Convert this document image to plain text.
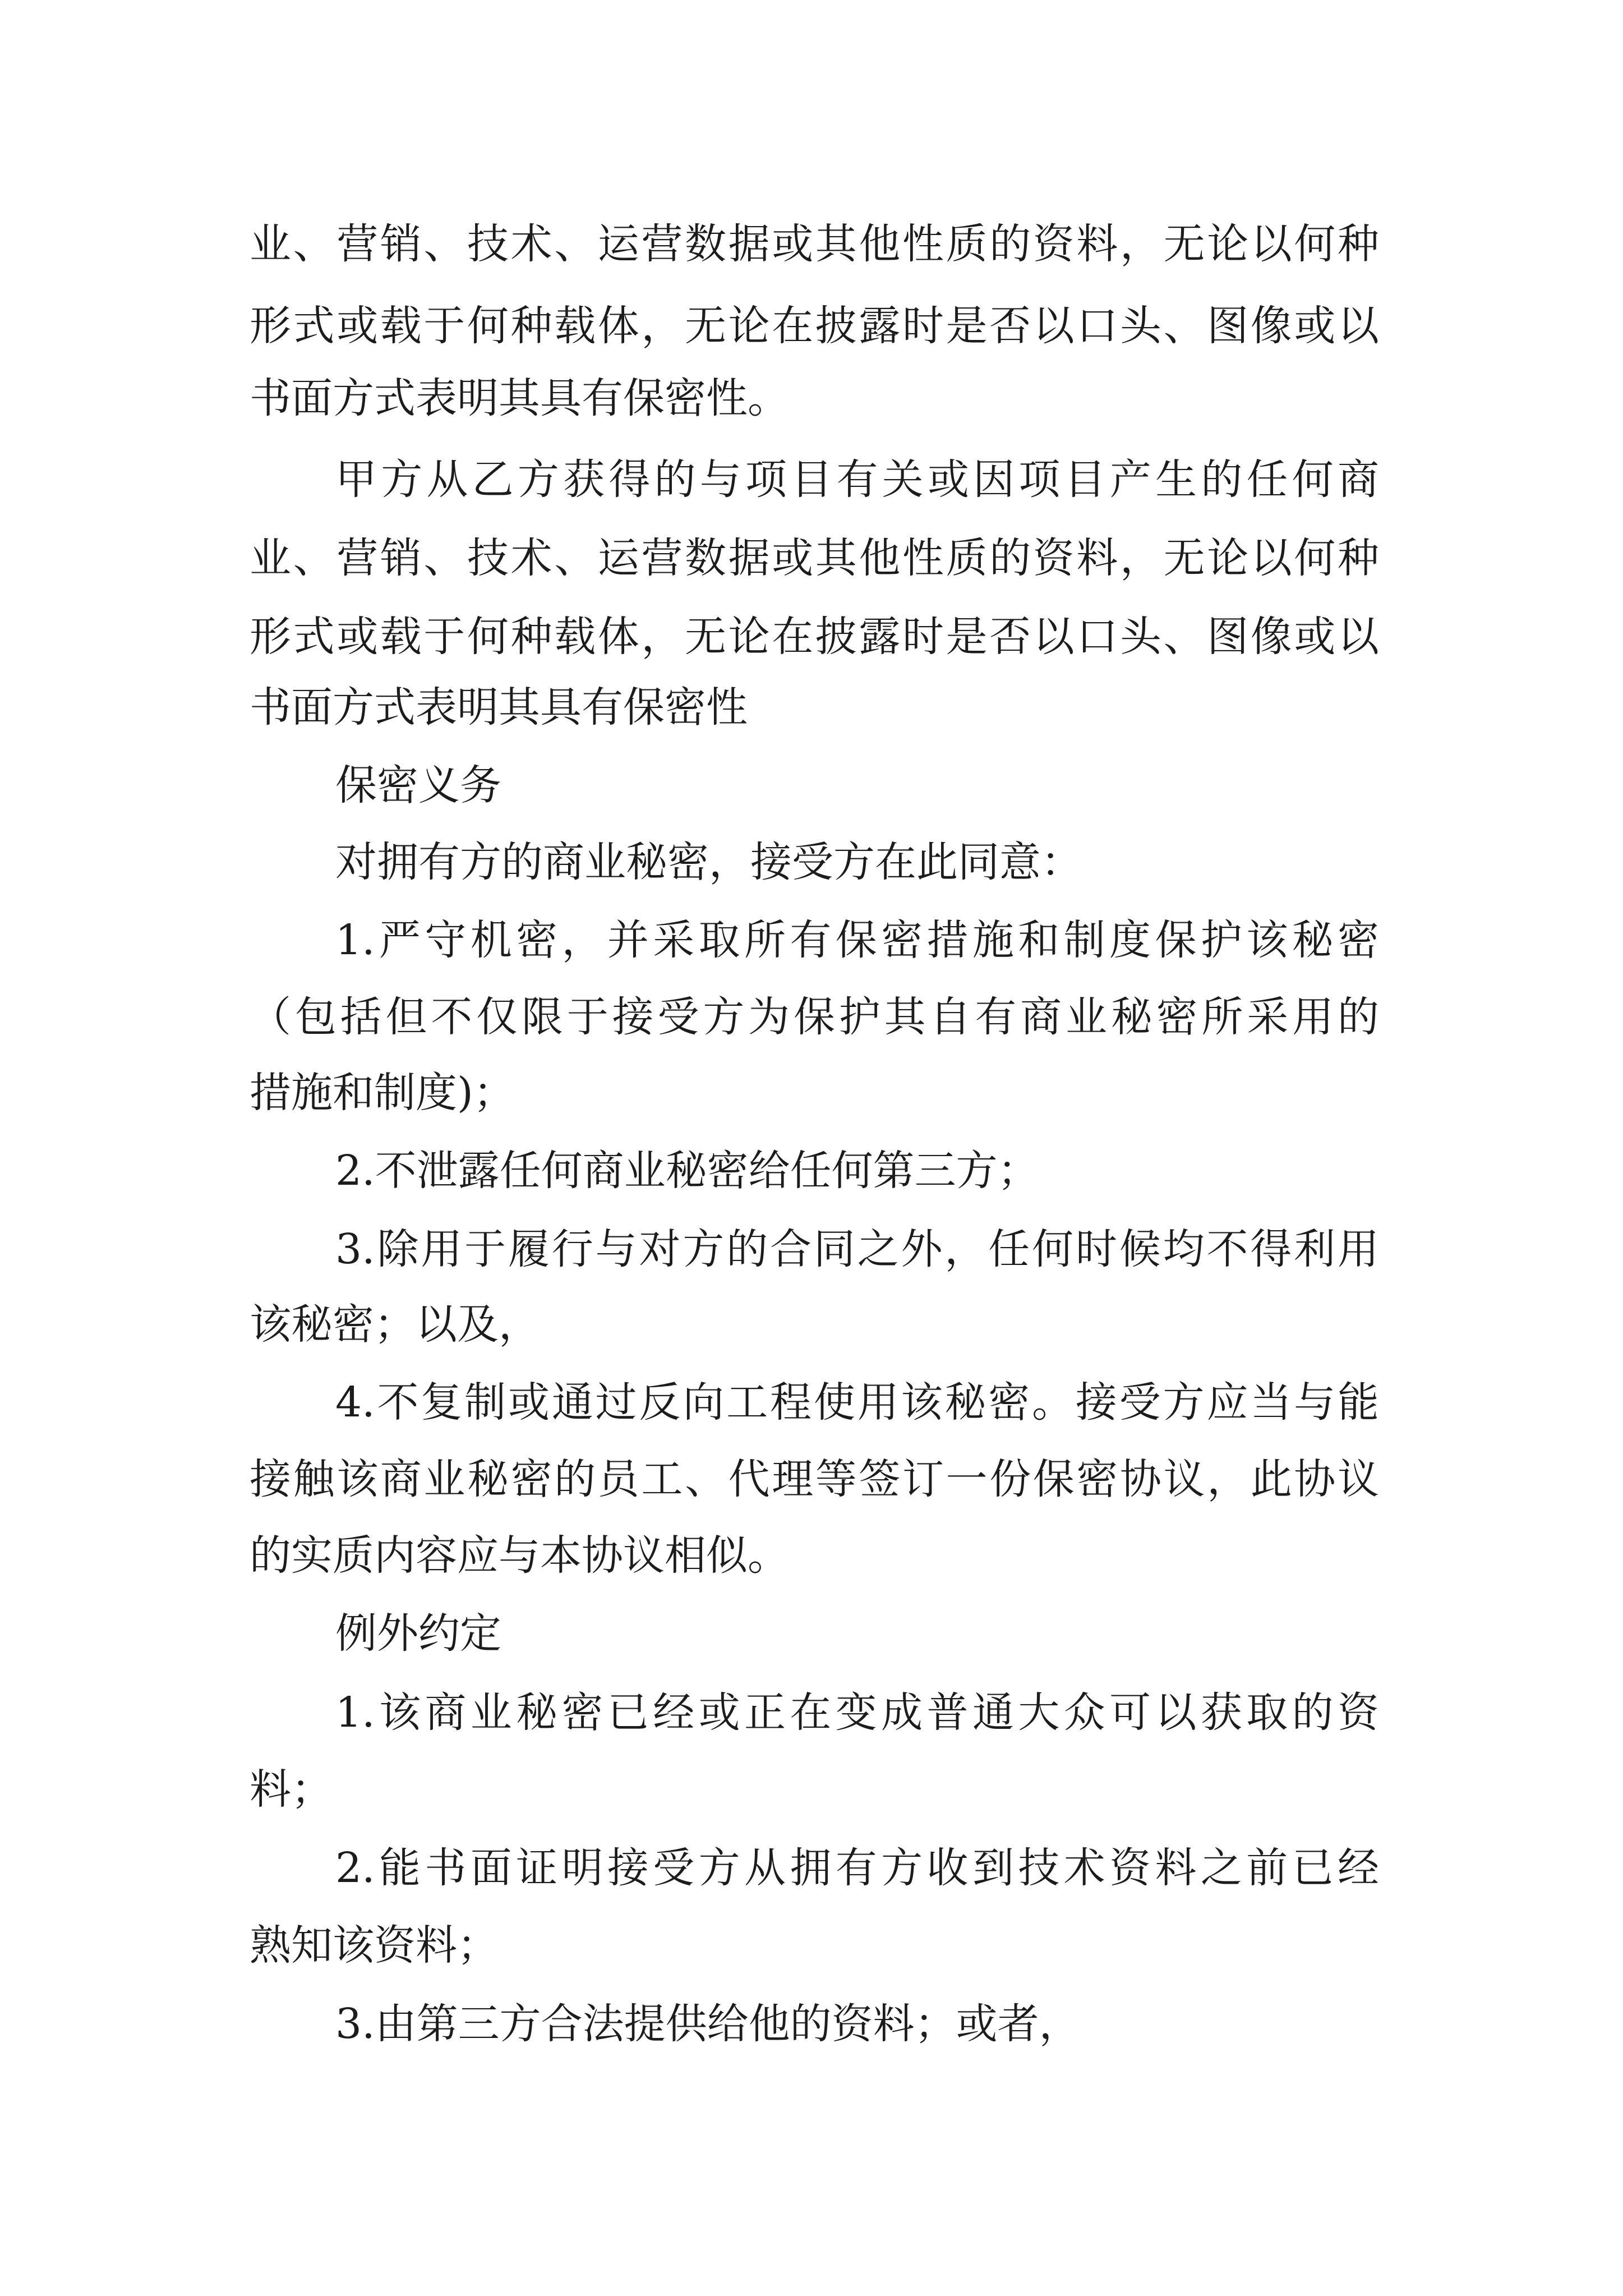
业、营销、技术、运营数据或其他性质的资料，无论以何种
形式或载于何种载体，无论在披露时是否以口头、图像或以
书面方式表明其具有保密性。
甲方从乙方获得的与项目有关或因项目产生的任何商
业、营销、技术、运营数据或其他性质的资料，无论以何种
形式或载于何种载体，无论在披露时是否以口头、图像或以
书面方式表明其具有保密性
保密义务
对拥有方的商业秘密，接受方在此同意：
1.严守机密，并采取所有保密措施和制度保护该秘密
（包括但不仅限于接受方为保护其自有商业秘密所采用的
措施和制度)；
2.不泄露任何商业秘密给任何第三方；
3.除用于履行与对方的合同之外，任何时候均不得利用
该秘密；以及，
4.不复制或通过反向工程使用该秘密。接受方应当与能
接触该商业秘密的员工、代理等签订一份保密协议，此协议
的实质内容应与本协议相似。
例外约定
1.该商业秘密已经或正在变成普通大众可以获取的资
料；
2.能书面证明接受方从拥有方收到技术资料之前已经
熟知该资料；
3.由第三方合法提供给他的资料；或者，
